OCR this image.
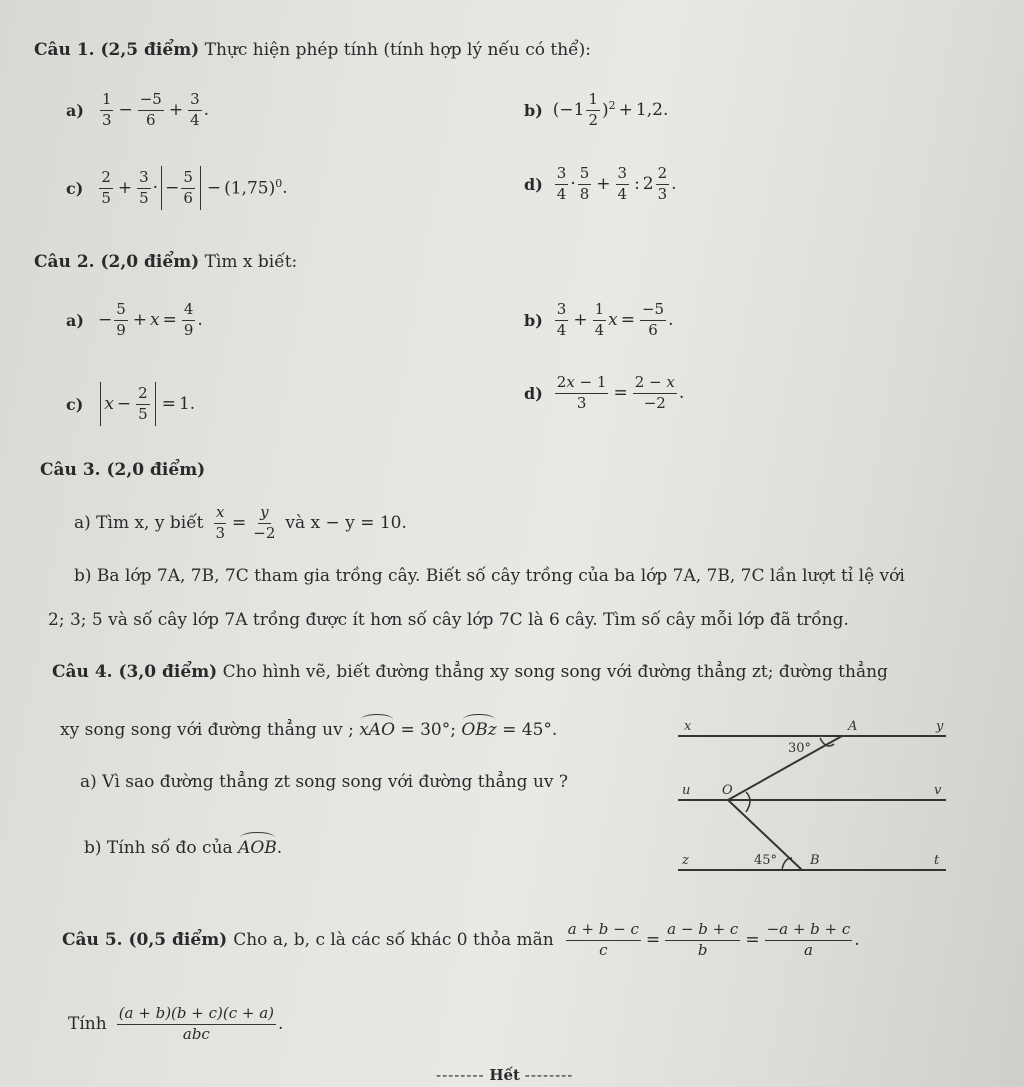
Câu 1. (2,5 điểm) Thực hiện phép tính (tính hợp lý nếu có thể):
a)
1
$3 - \frac{-5}{6} + \frac{3}{4}$ .	b) (−1
1
2 )$^2$ + 1,2.
c)
2
$5 + \frac{3}{5}$ · − $\frac{5}{6} - (1,75)^0$ .	d)
3
4 ·
5
$8 + \frac{3}{4}$ : 2
2
3 .
Câu 2. (2,0 điểm) Tìm x biết:
$a) - \frac{5}{9} + x = \frac{4}{9}$ .	b)
3
$4 + \frac{1}{4}$ $x = \frac{-5}{6}$ .
c) $x - \frac{2}{5} = 1$.
$d) \frac{2x - 1}{3} = \frac{2 - x}{-2}$ .
Câu 3. (2,0 điểm)
a) Tìm x, y biết $\frac{x}{3} = \frac{y}{-2}$ và x − y = 10.
b) Ba lớp 7A, 7B, 7C tham gia trồng cây. Biết số cây trồng của ba lớp 7A, 7B, 7C lần lượt tỉ lệ với
2; 3; 5 và số cây lớp 7A trồng được ít hơn số cây lớp 7C là 6 cây. Tìm số cây mỗi lớp đã trồng.
Câu 4. (3,0 điểm) Cho hình vẽ, biết đường thẳng xy song song với đường thẳng zt; đường thẳng
xy song song với đường thẳng uv ; xAO = 30°; OBz = 45°.
a) Vì sao đường thẳng zt song song với đường thẳng uv ?
b) Tính số đo của AOB.
x	A	y
30°
u O	v
z	45°	B	t
Câu 5. (0,5 điểm) Cho a, b, c là các số khác 0 thỏa mãn $\frac{a + b - c}{c} = \frac{a - b + c}{b} = \frac{-a + b + c}{a}$ .
Tính
(a + b)(b + c)(c + a)
abc	.
-------- Hết --------
